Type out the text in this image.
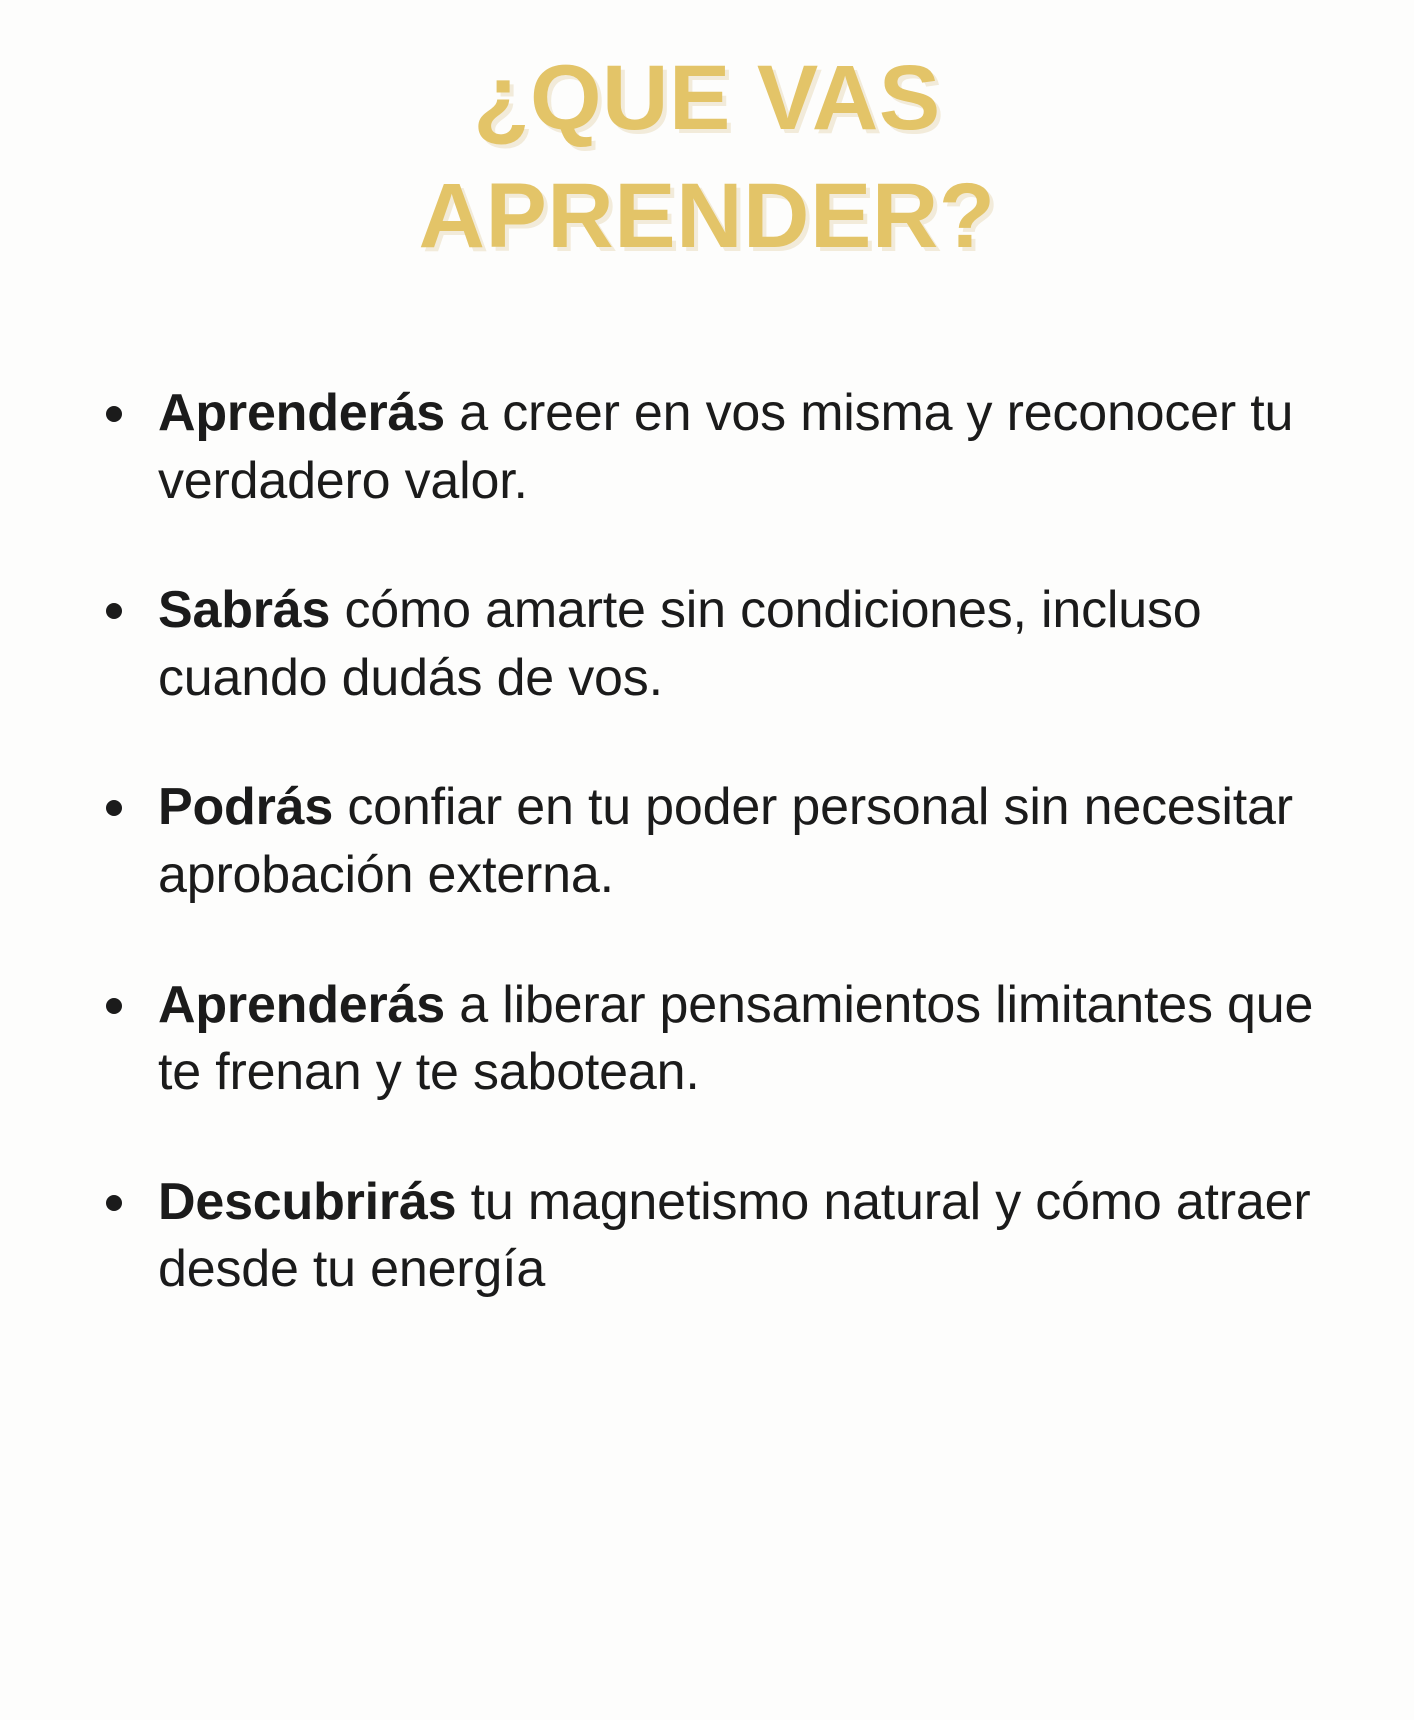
¿QUE VAS
APRENDER?
Aprenderás a creer en vos misma y reconocer tu verdadero valor.
Sabrás cómo amarte sin condiciones, incluso cuando dudás de vos.
Podrás confiar en tu poder personal sin necesitar aprobación externa.
Aprenderás a liberar pensamientos limitantes que te frenan y te sabotean.
Descubrirás tu magnetismo natural y cómo atraer desde tu energía
